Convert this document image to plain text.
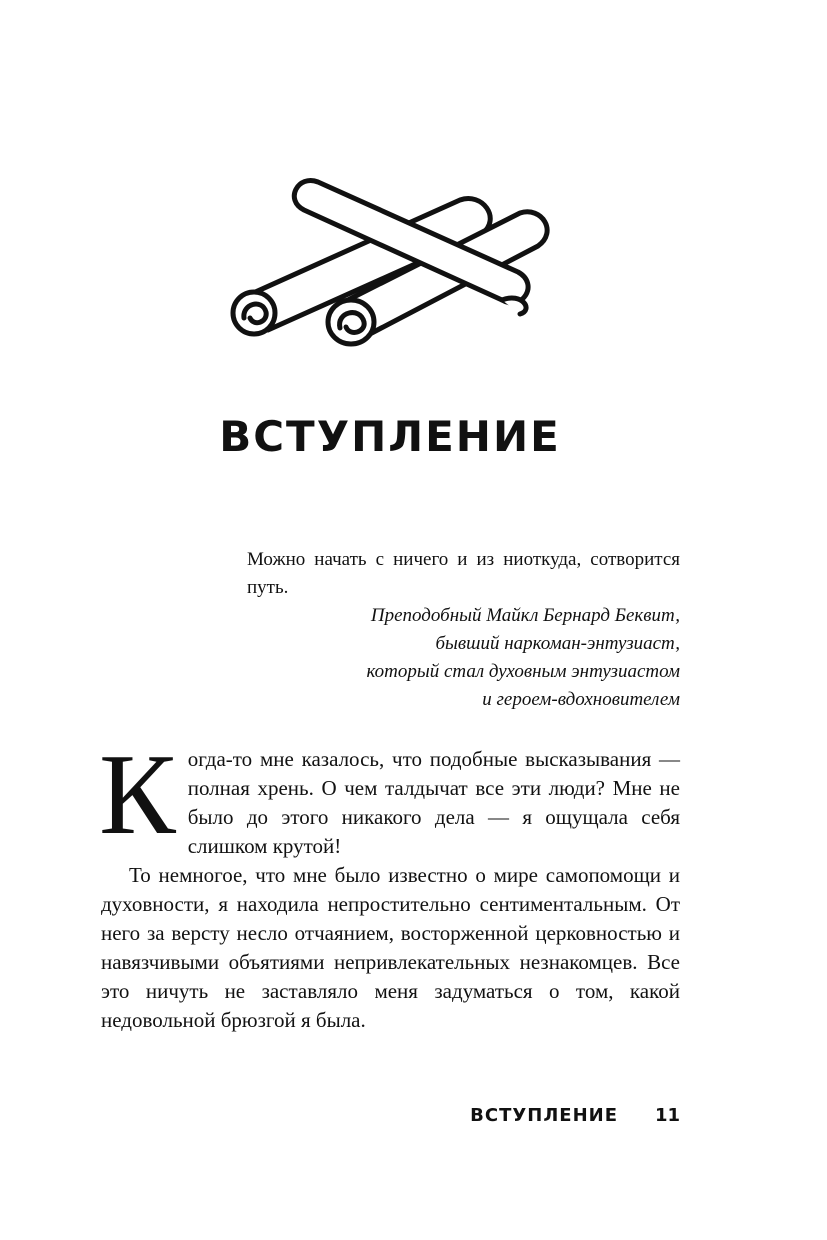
ВСТУПЛЕНИЕ

Можно начать с ничего и из ниоткуда, сотворится путь.

Преподобный Майкл Бернард Беквит,
бывший наркоман-энтузиаст,
который стал духовным энтузиастом
и героем-вдохновителем

Когда-то мне казалось, что подобные высказывания — полная хрень. О чем талдычат все эти люди? Мне не было до этого никакого дела — я ощущала себя слишком крутой!

То немногое, что мне было известно о мире самопомощи и духовности, я находила непростительно сентиментальным. От него за версту несло отчаянием, восторженной церковностью и навязчивыми объятиями непривлекательных незнакомцев. Все это ничуть не заставляло меня задуматься о том, какой недовольной брюзгой я была.

ВСТУПЛЕНИЕ 11
